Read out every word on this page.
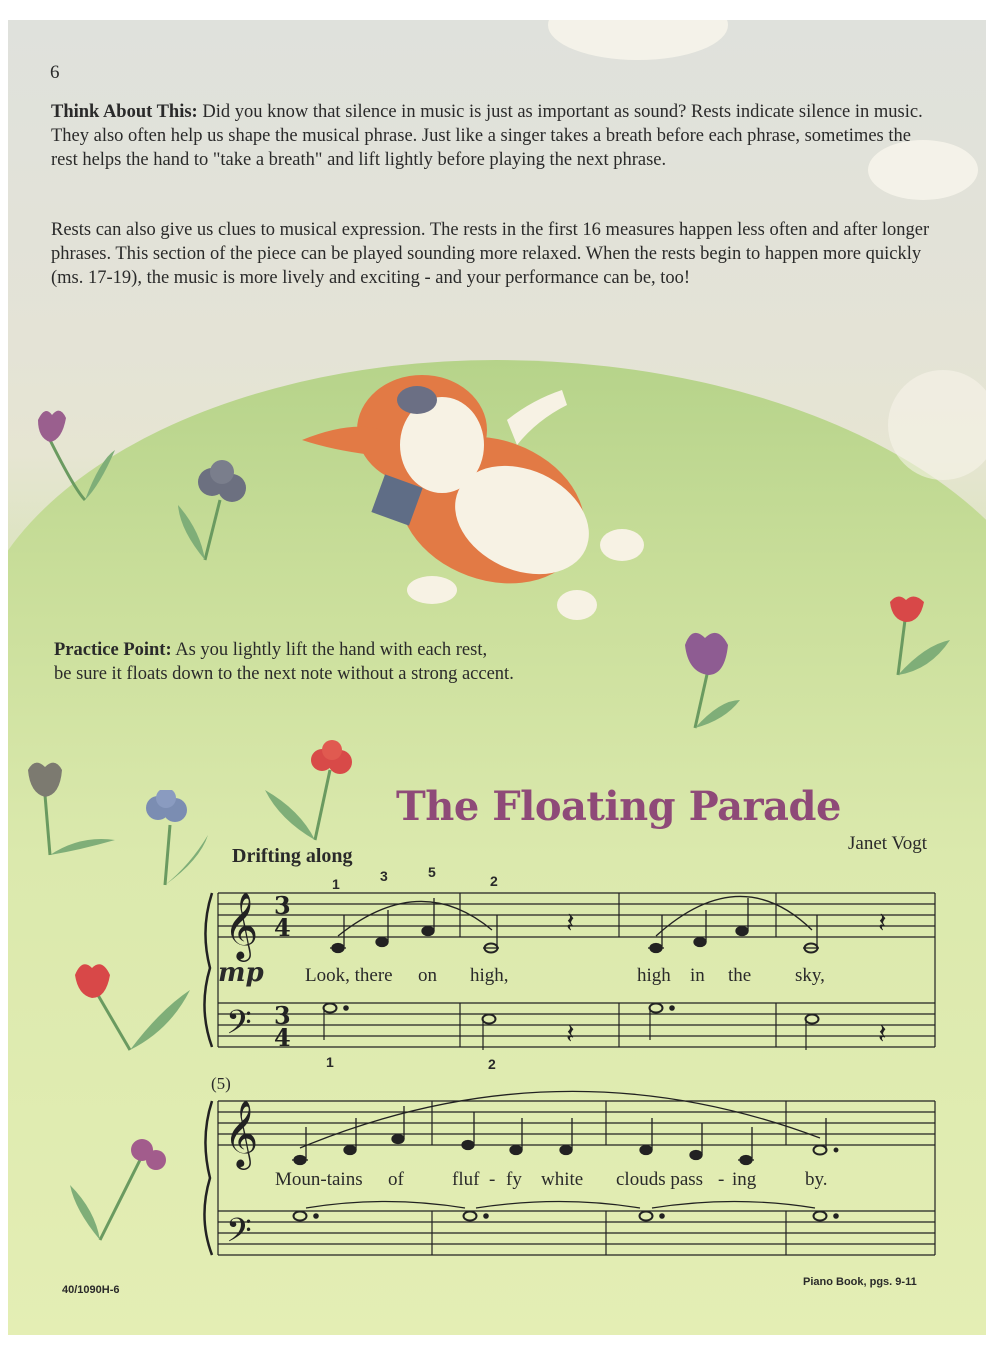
6
Think About This: Did you know that silence in music is just as important as sound? Rests indicate silence in music. They also often help us shape the musical phrase. Just like a singer takes a breath before each phrase, sometimes the rest helps the hand to "take a breath" and lift lightly before playing the next phrase.
Rests can also give us clues to musical expression. The rests in the first 16 measures happen less often and after longer phrases. This section of the piece can be played sounding more relaxed. When the rests begin to happen more quickly (ms. 17-19), the music is more lively and exciting - and your performance can be, too!
Practice Point: As you lightly lift the hand with each rest,
be sure it floats down to the next note without a strong accent.
The Floating Parade
Janet Vogt
Drifting along
𝄞
𝄢
𝄞
𝄢
3
4
3
4
𝄽	𝄽
𝄽	𝄽
1	3	5
2
1	2
mp Look, there on high,	high in the sky,
(5)
Moun-tains of	fluf - fy white clouds pass - ing	by.
40/1090H-6
Piano Book, pgs. 9-11
